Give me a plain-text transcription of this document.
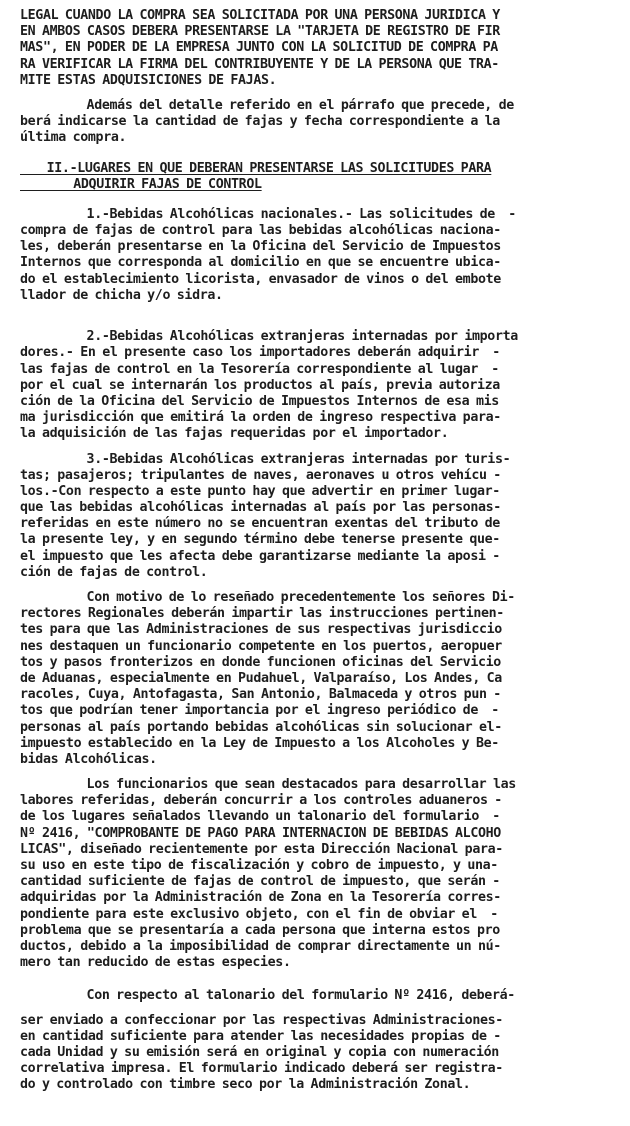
LEGAL CUANDO LA COMPRA SEA SOLICITADA POR UNA PERSONA JURIDICA Y
EN AMBOS CASOS DEBERA PRESENTARSE LA "TARJETA DE REGISTRO DE FIR
MAS", EN PODER DE LA EMPRESA JUNTO CON LA SOLICITUD DE COMPRA PA
RA VERIFICAR LA FIRMA DEL CONTRIBUYENTE Y DE LA PERSONA QUE TRA-
MITE ESTAS ADQUISICIONES DE FAJAS.
Además del detalle referido en el párrafo que precede, de
berá indicarse la cantidad de fajas y fecha correspondiente a la
última compra.
II.-LUGARES EN QUE DEBERAN PRESENTARSE LAS SOLICITUDES PARA
ADQUIRIR FAJAS DE CONTROL
1.-Bebidas Alcohólicas nacionales.- Las solicitudes de  -
compra de fajas de control para las bebidas alcohólicas naciona-
les, deberán presentarse en la Oficina del Servicio de Impuestos
Internos que corresponda al domicilio en que se encuentre ubica-
do el establecimiento licorista, envasador de vinos o del embote
llador de chicha y/o sidra.
2.-Bebidas Alcohólicas extranjeras internadas por importa
dores.- En el presente caso los importadores deberán adquirir  -
las fajas de control en la Tesorería correspondiente al lugar  -
por el cual se internarán los productos al país, previa autoriza
ción de la Oficina del Servicio de Impuestos Internos de esa mis
ma jurisdicción que emitirá la orden de ingreso respectiva para-
la adquisición de las fajas requeridas por el importador.
3.-Bebidas Alcohólicas extranjeras internadas por turis-
tas; pasajeros; tripulantes de naves, aeronaves u otros vehícu -
los.-Con respecto a este punto hay que advertir en primer lugar-
que las bebidas alcohólicas internadas al país por las personas-
referidas en este número no se encuentran exentas del tributo de
la presente ley, y en segundo término debe tenerse presente que-
el impuesto que les afecta debe garantizarse mediante la aposi -
ción de fajas de control.
Con motivo de lo reseñado precedentemente los señores Di-
rectores Regionales deberán impartir las instrucciones pertinen-
tes para que las Administraciones de sus respectivas jurisdiccio
nes destaquen un funcionario competente en los puertos, aeropuer
tos y pasos fronterizos en donde funcionen oficinas del Servicio
de Aduanas, especialmente en Pudahuel, Valparaíso, Los Andes, Ca
racoles, Cuya, Antofagasta, San Antonio, Balmaceda y otros pun -
tos que podrían tener importancia por el ingreso periódico de  -
personas al país portando bebidas alcohólicas sin solucionar el-
impuesto establecido en la Ley de Impuesto a los Alcoholes y Be-
bidas Alcohólicas.
Los funcionarios que sean destacados para desarrollar las
labores referidas, deberán concurrir a los controles aduaneros -
de los lugares señalados llevando un talonario del formulario  -
Nº 2416, "COMPROBANTE DE PAGO PARA INTERNACION DE BEBIDAS ALCOHO
LICAS", diseñado recientemente por esta Dirección Nacional para-
su uso en este tipo de fiscalización y cobro de impuesto, y una-
cantidad suficiente de fajas de control de impuesto, que serán -
adquiridas por la Administración de Zona en la Tesorería corres-
pondiente para este exclusivo objeto, con el fin de obviar el  -
problema que se presentaría a cada persona que interna estos pro
ductos, debido a la imposibilidad de comprar directamente un nú-
mero tan reducido de estas especies.
Con respecto al talonario del formulario Nº 2416, deberá-
ser enviado a confeccionar por las respectivas Administraciones-
en cantidad suficiente para atender las necesidades propias de -
cada Unidad y su emisión será en original y copia con numeración
correlativa impresa. El formulario indicado deberá ser registra-
do y controlado con timbre seco por la Administración Zonal.
